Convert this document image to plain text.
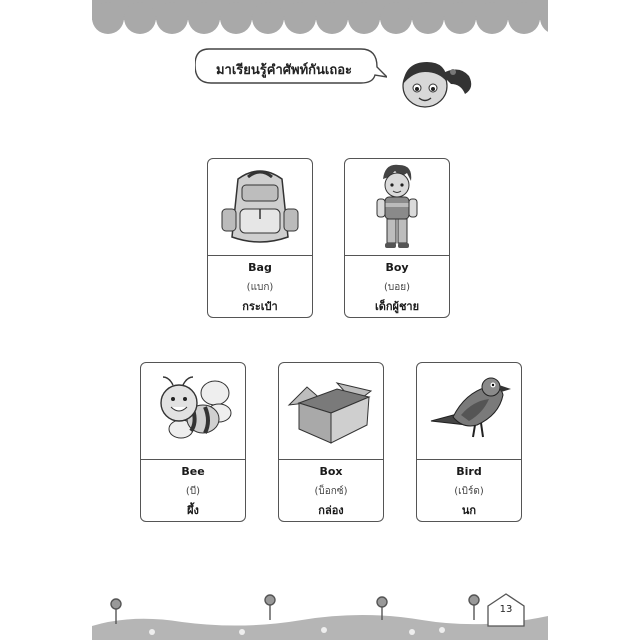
มาเรียนรู้คำศัพท์กันเถอะ
Bag
(แบก)
กระเป๋า
Boy
(บอย)
เด็กผู้ชาย
Bee
(บี)
ผึ้ง
Box
(บ็อกซ์)
กล่อง
Bird
(เบิร์ด)
นก
13
